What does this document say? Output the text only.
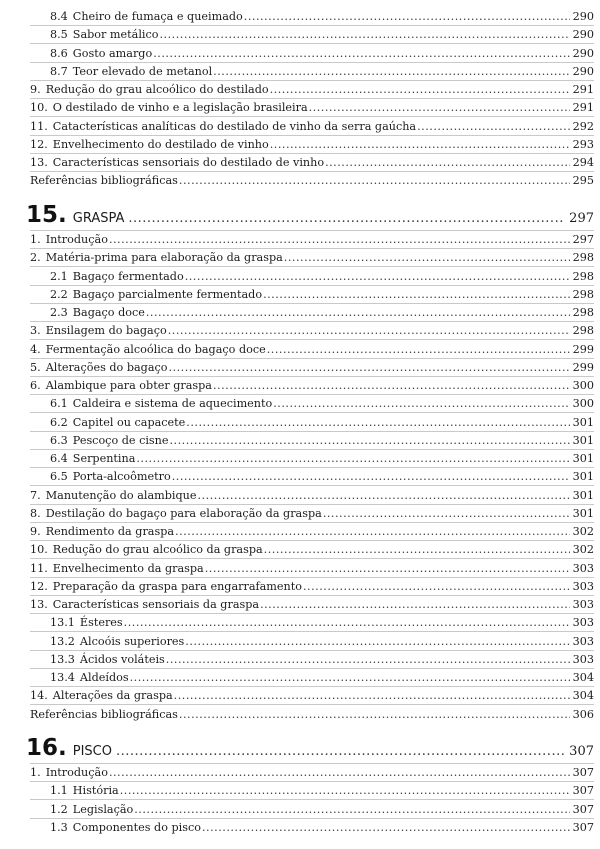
8.4 Cheiro de fumaça e queimado .....	290
8.5 Sabor metálico .....	290
8.6 Gosto amargo .....	290
8.7 Teor elevado de metanol .....	290
9. Redução do grau alcoólico do destilado .....	291
10. O destilado de vinho e a legislação brasileira .....	291
11. Catacterísticas analíticas do destilado de vinho da serra gaúcha .....	292
12. Envelhecimento do destilado de vinho .....	293
13. Características sensoriais do destilado de vinho .....	294
Referências bibliográficas .....	295
15. GRASPA .....	297
1. Introdução .....	297
2. Matéria-prima para elaboração da graspa .....	298
2.1 Bagaço fermentado .....	298
2.2 Bagaço parcialmente fermentado .....	298
2.3 Bagaço doce .....	298
3. Ensilagem do bagaço .....	298
4. Fermentação alcoólica do bagaço doce .....	299
5. Alterações do bagaço .....	299
6. Alambique para obter graspa .....	300
6.1 Caldeira e sistema de aquecimento .....	300
6.2 Capitel ou capacete .....	301
6.3 Pescoço de cisne .....	301
6.4 Serpentina .....	301
6.5 Porta-alcoômetro .....	301
7. Manutenção do alambique .....	301
8. Destilação do bagaço para elaboração da graspa .....	301
9. Rendimento da graspa .....	302
10. Redução do grau alcoólico da graspa .....	302
11. Envelhecimento da graspa .....	303
12. Preparação da graspa para engarrafamento .....	303
13. Características sensoriais da graspa .....	303
13.1 Ésteres .....	303
13.2 Alcoóis superiores .....	303
13.3 Ácidos voláteis .....	303
13.4 Aldeídos .....	304
14. Alterações da graspa .....	304
Referências bibliográficas .....	306
16. PISCO .....	307
1. Introdução .....	307
1.1 História .....	307
1.2 Legislação .....	307
1.3 Componentes do pisco .....	307
